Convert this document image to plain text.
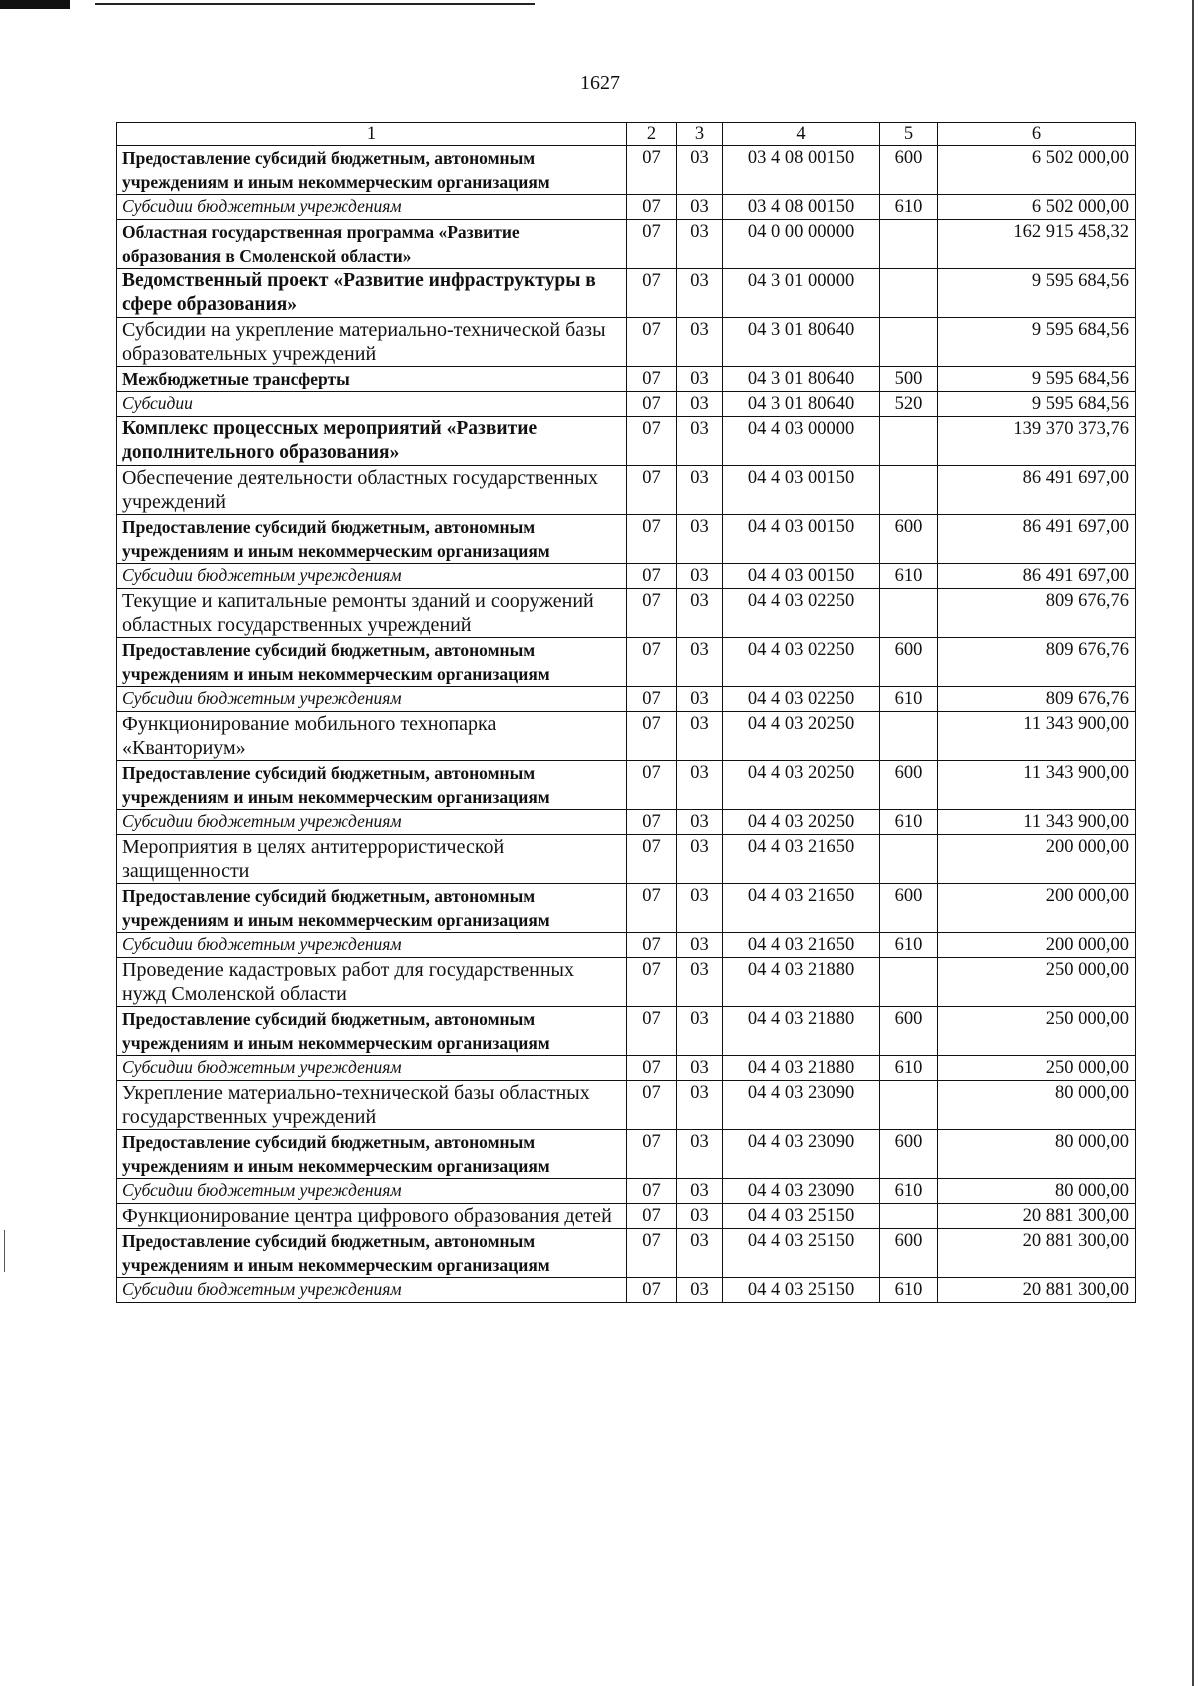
1627
1	2	3	4	5	6
Предоставление субсидий бюджетным, автономным учреждениям и иным некоммерческим организациям	07	03	03 4 08 00150	600	6 502 000,00
Субсидии бюджетным учреждениям	07	03	03 4 08 00150	610	6 502 000,00
Областная государственная программа «Развитие образования в Смоленской области»	07	03	04 0 00 00000		162 915 458,32
Ведомственный проект «Развитие инфраструктуры в сфере образования»	07	03	04 3 01 00000		9 595 684,56
Субсидии на укрепление материально-технической базы образовательных учреждений	07	03	04 3 01 80640		9 595 684,56
Межбюджетные трансферты	07	03	04 3 01 80640	500	9 595 684,56
Субсидии	07	03	04 3 01 80640	520	9 595 684,56
Комплекс процессных мероприятий «Развитие дополнительного образования»	07	03	04 4 03 00000		139 370 373,76
Обеспечение деятельности областных государственных учреждений	07	03	04 4 03 00150		86 491 697,00
Предоставление субсидий бюджетным, автономным учреждениям и иным некоммерческим организациям	07	03	04 4 03 00150	600	86 491 697,00
Субсидии бюджетным учреждениям	07	03	04 4 03 00150	610	86 491 697,00
Текущие и капитальные ремонты зданий и сооружений областных государственных учреждений	07	03	04 4 03 02250		809 676,76
Предоставление субсидий бюджетным, автономным учреждениям и иным некоммерческим организациям	07	03	04 4 03 02250	600	809 676,76
Субсидии бюджетным учреждениям	07	03	04 4 03 02250	610	809 676,76
Функционирование мобильного технопарка «Кванториум»	07	03	04 4 03 20250		11 343 900,00
Предоставление субсидий бюджетным, автономным учреждениям и иным некоммерческим организациям	07	03	04 4 03 20250	600	11 343 900,00
Субсидии бюджетным учреждениям	07	03	04 4 03 20250	610	11 343 900,00
Мероприятия в целях антитеррористической защищенности	07	03	04 4 03 21650		200 000,00
Предоставление субсидий бюджетным, автономным учреждениям и иным некоммерческим организациям	07	03	04 4 03 21650	600	200 000,00
Субсидии бюджетным учреждениям	07	03	04 4 03 21650	610	200 000,00
Проведение кадастровых работ для государственных нужд Смоленской области	07	03	04 4 03 21880		250 000,00
Предоставление субсидий бюджетным, автономным учреждениям и иным некоммерческим организациям	07	03	04 4 03 21880	600	250 000,00
Субсидии бюджетным учреждениям	07	03	04 4 03 21880	610	250 000,00
Укрепление материально-технической базы областных государственных учреждений	07	03	04 4 03 23090		80 000,00
Предоставление субсидий бюджетным, автономным учреждениям и иным некоммерческим организациям	07	03	04 4 03 23090	600	80 000,00
Субсидии бюджетным учреждениям	07	03	04 4 03 23090	610	80 000,00
Функционирование центра цифрового образования детей	07	03	04 4 03 25150		20 881 300,00
Предоставление субсидий бюджетным, автономным учреждениям и иным некоммерческим организациям	07	03	04 4 03 25150	600	20 881 300,00
Субсидии бюджетным учреждениям	07	03	04 4 03 25150	610	20 881 300,00
